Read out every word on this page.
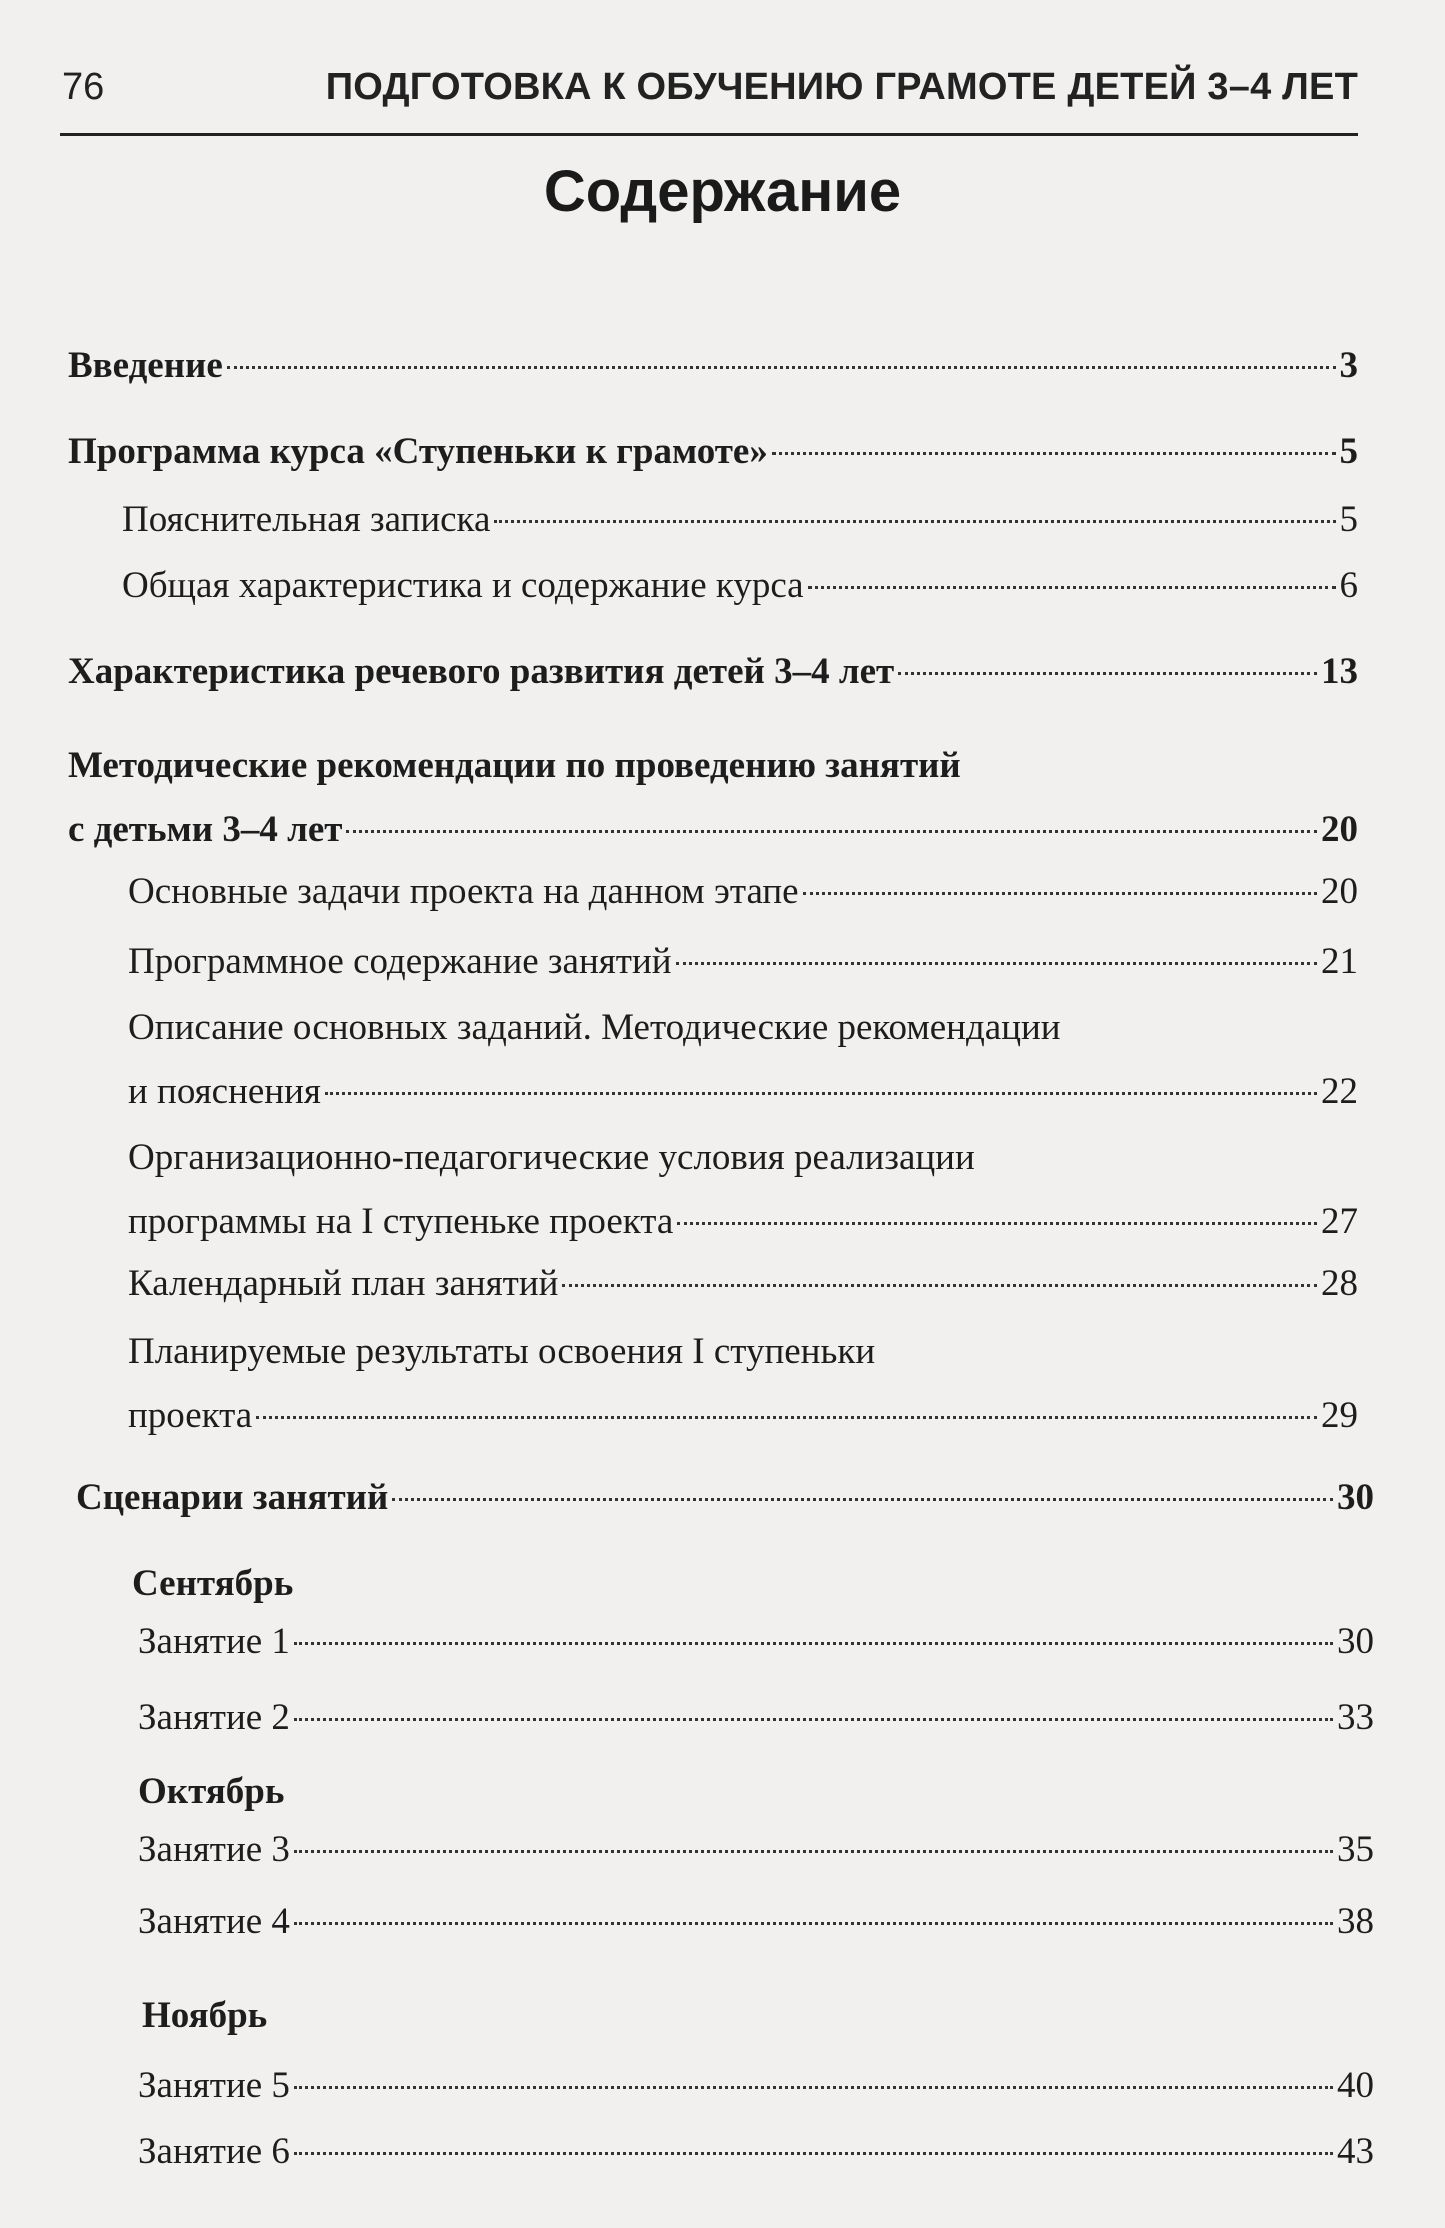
76	ПОДГОТОВКА К ОБУЧЕНИЮ ГРАМОТЕ ДЕТЕЙ 3–4 ЛЕТ
Содержание
Введение	3
Программа курса «Ступеньки к грамоте»	5
Пояснительная записка	5
Общая характеристика и содержание курса	6
Характеристика речевого развития детей 3–4 лет	13
Методические рекомендации по проведению занятий
с детьми 3–4 лет	20
Основные задачи проекта на данном этапе	20
Программное содержание занятий	21
Описание основных заданий. Методические рекомендации
и пояснения	22
Организационно-педагогические условия реализации
программы на I ступеньке проекта	27
Календарный план занятий	28
Планируемые результаты освоения I ступеньки
проекта	29
Сценарии занятий	30
Сентябрь
Занятие 1	30
Занятие 2	33
Октябрь
Занятие 3	35
Занятие 4	38
Ноябрь
Занятие 5	40
Занятие 6	43
